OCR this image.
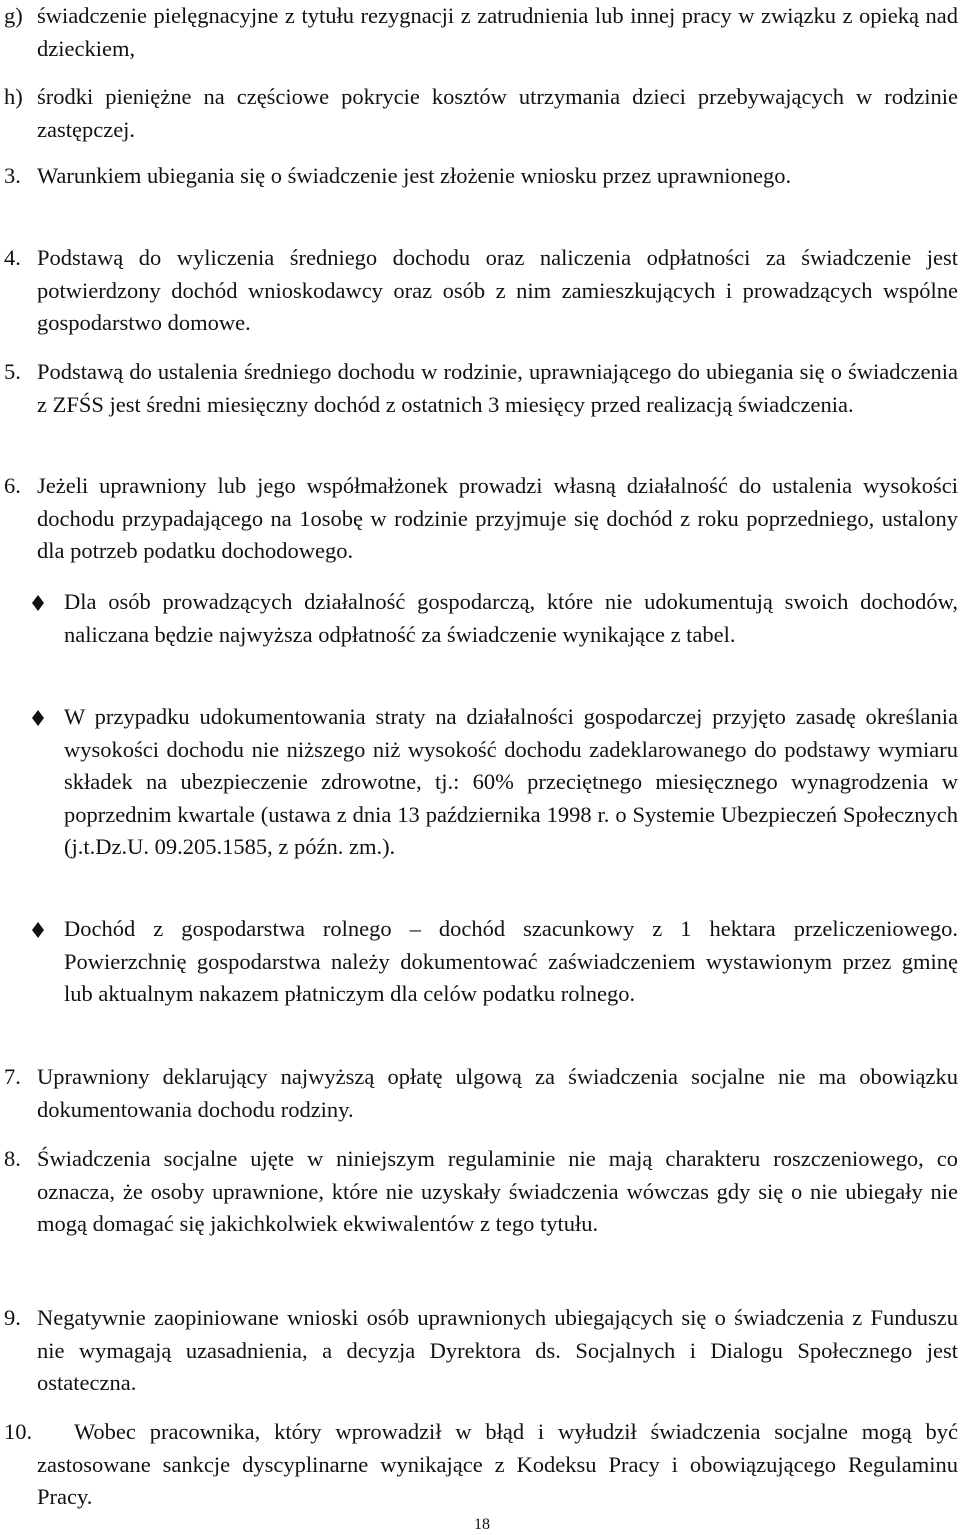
g) świadczenie pielęgnacyjne z tytułu rezygnacji z zatrudnienia lub innej pracy w związku z opieką nad dzieckiem,
h) środki pieniężne na częściowe pokrycie kosztów utrzymania dzieci przebywających w rodzinie zastępczej.
3. Warunkiem ubiegania się o świadczenie jest złożenie wniosku przez uprawnionego.
4. Podstawą do wyliczenia średniego dochodu oraz naliczenia odpłatności za świadczenie jest potwierdzony dochód wnioskodawcy oraz osób z nim zamieszkujących i prowadzących wspólne gospodarstwo domowe.
5. Podstawą do ustalenia średniego dochodu w rodzinie, uprawniającego do ubiegania się o świadczenia z ZFŚS jest średni miesięczny dochód z ostatnich 3 miesięcy przed realizacją świadczenia.
6. Jeżeli uprawniony lub jego współmałżonek prowadzi własną działalność do ustalenia wysokości dochodu przypadającego na 1osobę w rodzinie przyjmuje się dochód z roku poprzedniego, ustalony dla potrzeb podatku dochodowego.
Dla osób prowadzących działalność gospodarczą, które nie udokumentują swoich dochodów, naliczana będzie najwyższa odpłatność za świadczenie wynikające z tabel.
W przypadku udokumentowania straty na działalności gospodarczej przyjęto zasadę określania wysokości dochodu nie niższego niż wysokość dochodu zadeklarowanego do podstawy wymiaru składek na ubezpieczenie zdrowotne, tj.: 60% przeciętnego miesięcznego wynagrodzenia w poprzednim kwartale (ustawa z dnia 13 października 1998 r. o Systemie Ubezpieczeń Społecznych (j.t.Dz.U. 09.205.1585, z późn. zm.).
Dochód z gospodarstwa rolnego – dochód szacunkowy z 1 hektara przeliczeniowego. Powierzchnię gospodarstwa należy dokumentować zaświadczeniem wystawionym przez gminę lub aktualnym nakazem płatniczym dla celów podatku rolnego.
7. Uprawniony deklarujący najwyższą opłatę ulgową za świadczenia socjalne nie ma obowiązku dokumentowania dochodu rodziny.
8. Świadczenia socjalne ujęte w niniejszym regulaminie nie mają charakteru roszczeniowego, co oznacza, że osoby uprawnione, które nie uzyskały świadczenia wówczas gdy się o nie ubiegały nie mogą domagać się jakichkolwiek ekwiwalentów z tego tytułu.
9. Negatywnie zaopiniowane wnioski osób uprawnionych ubiegających się o świadczenia z Funduszu nie wymagają uzasadnienia, a decyzja Dyrektora ds. Socjalnych i Dialogu Społecznego jest ostateczna.
10.	Wobec pracownika, który wprowadził w błąd i wyłudził świadczenia socjalne mogą być zastosowane sankcje dyscyplinarne wynikające z Kodeksu Pracy i obowiązującego Regulaminu Pracy.
18
